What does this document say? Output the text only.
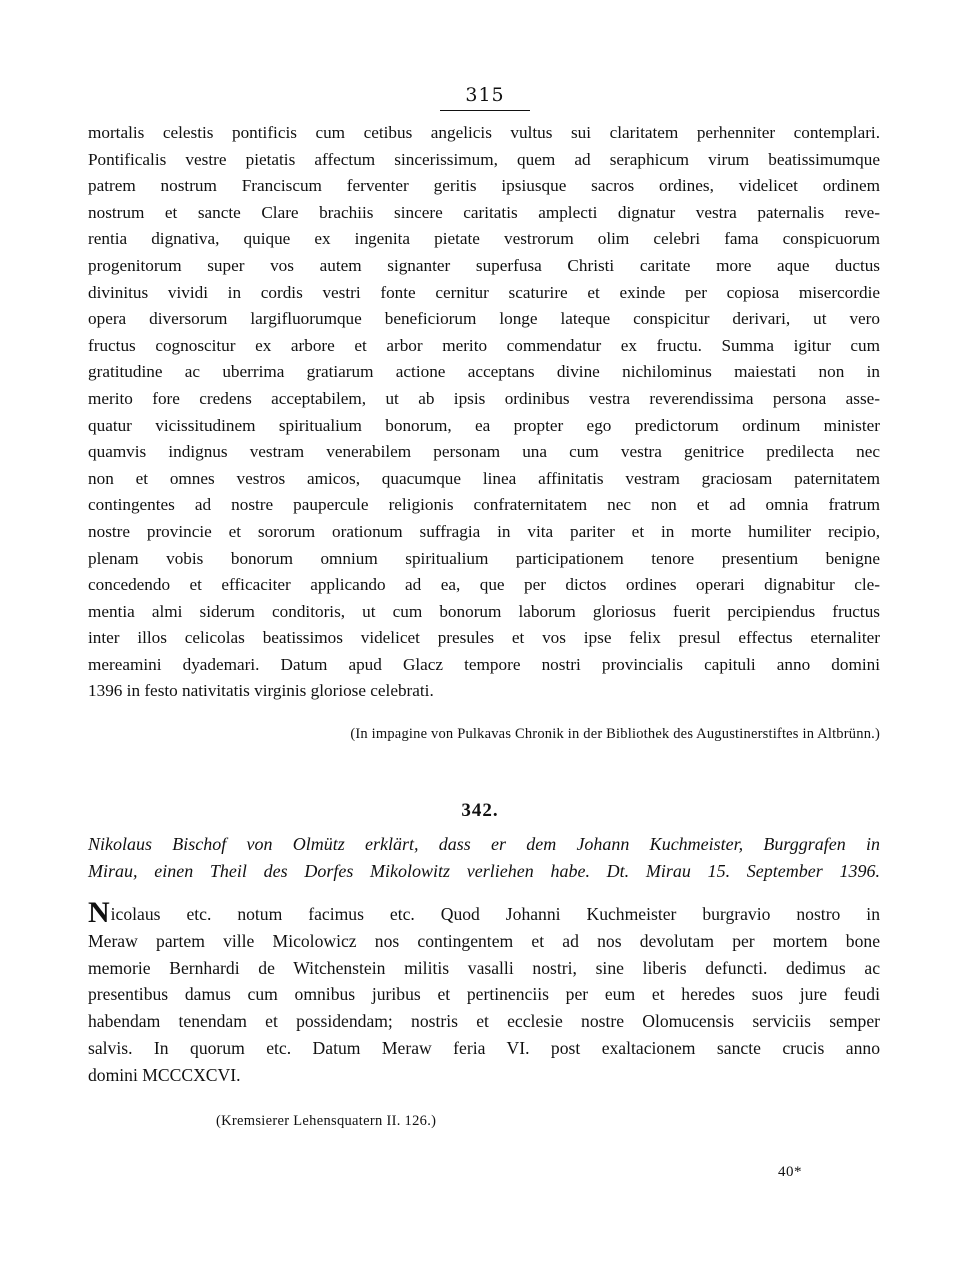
315
mortalis celestis pontificis cum cetibus angelicis vultus sui claritatem perhenniter contemplari.
Pontificalis vestre pietatis affectum sincerissimum, quem ad seraphicum virum beatissimumque
patrem nostrum Franciscum ferventer geritis ipsiusque sacros ordines, videlicet ordinem
nostrum et sancte Clare brachiis sincere caritatis amplecti dignatur vestra paternalis reve-
rentia dignativa, quique ex ingenita pietate vestrorum olim celebri fama conspicuorum
progenitorum super vos autem signanter superfusa Christi caritate more aque ductus
divinitus vividi in cordis vestri fonte cernitur scaturire et exinde per copiosa misercordie
opera diversorum largifluorumque beneficiorum longe lateque conspicitur derivari, ut vero
fructus cognoscitur ex arbore et arbor merito commendatur ex fructu. Summa igitur cum
gratitudine ac uberrima gratiarum actione acceptans divine nichilominus maiestati non in
merito fore credens acceptabilem, ut ab ipsis ordinibus vestra reverendissima persona asse-
quatur vicissitudinem spiritualium bonorum, ea propter ego predictorum ordinum minister
quamvis indignus vestram venerabilem personam una cum vestra genitrice predilecta nec
non et omnes vestros amicos, quacumque linea affinitatis vestram graciosam paternitatem
contingentes ad nostre paupercule religionis confraternitatem nec non et ad omnia fratrum
nostre provincie et sororum orationum suffragia in vita pariter et in morte humiliter recipio,
plenam vobis bonorum omnium spiritualium participationem tenore presentium benigne
concedendo et efficaciter applicando ad ea, que per dictos ordines operari dignabitur cle-
mentia almi siderum conditoris, ut cum bonorum laborum gloriosus fuerit percipiendus fructus
inter illos celicolas beatissimos videlicet presules et vos ipse felix presul effectus eternaliter
mereamini dyademari. Datum apud Glacz tempore nostri provincialis capituli anno domini
1396 in festo nativitatis virginis gloriose celebrati.
(In impagine von Pulkavas Chronik in der Bibliothek des Augustinerstiftes in Altbrünn.)
342.
Nikolaus Bischof von Olmütz erklärt, dass er dem Johann Kuchmeister, Burggrafen in
Mirau, einen Theil des Dorfes Mikolowitz verliehen habe. Dt. Mirau 15. September 1396.
Nicolaus etc. notum facimus etc. Quod Johanni Kuchmeister burgravio nostro in
Meraw partem ville Micolowicz nos contingentem et ad nos devolutam per mortem bone
memorie Bernhardi de Witchenstein militis vasalli nostri, sine liberis defuncti. dedimus ac
presentibus damus cum omnibus juribus et pertinenciis per eum et heredes suos jure feudi
habendam tenendam et possidendam; nostris et ecclesie nostre Olomucensis serviciis semper
salvis. In quorum etc. Datum Meraw feria VI. post exaltacionem sancte crucis anno
domini MCCCXCVI.
(Kremsierer Lehensquatern II. 126.)
40*
